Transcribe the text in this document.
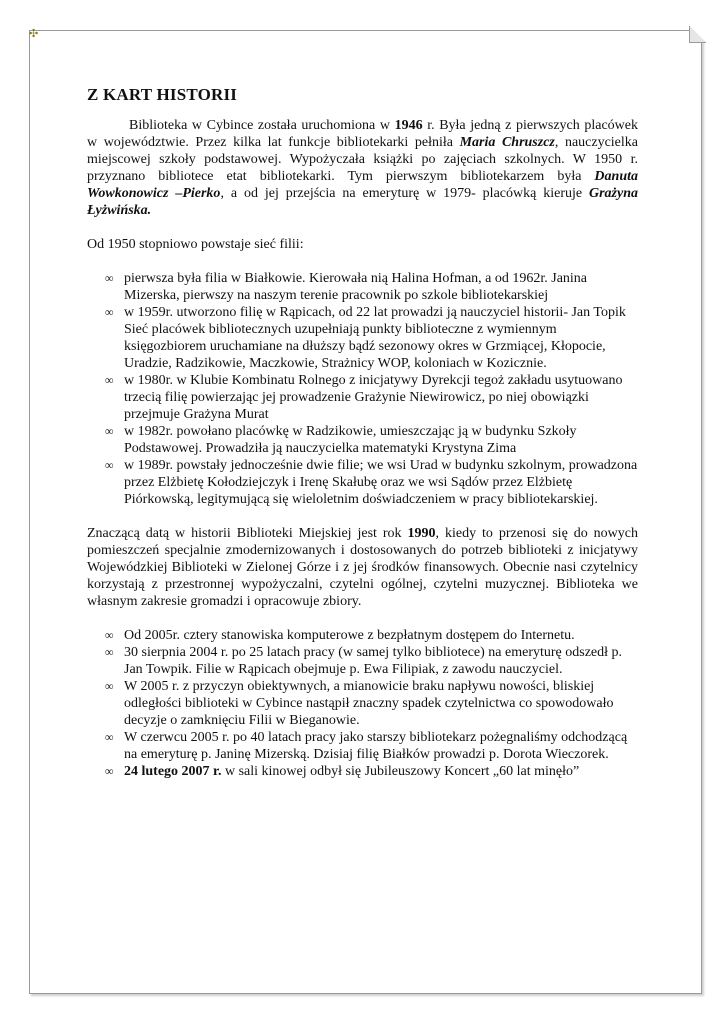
✣
Z KART HISTORII

Biblioteka w Cybince została uruchomiona w 1946 r. Była jedną z pierwszych placówek w województwie. Przez kilka lat funkcje bibliotekarki pełniła Maria Chruszcz, nauczycielka miejscowej szkoły podstawowej. Wypożyczała książki po zajęciach szkolnych. W 1950 r. przyznano bibliotece etat bibliotekarki. Tym pierwszym bibliotekarzem była Danuta Wowkonowicz –Pierko, a od jej przejścia na emeryturę w 1979- placówką kieruje Grażyna Łyżwińska.

Od 1950 stopniowo powstaje sieć filii:

∞ pierwsza była filia w Białkowie. Kierowała nią Halina Hofman, a od 1962r. Janina Mizerska, pierwszy na naszym terenie pracownik po szkole bibliotekarskiej
∞ w 1959r. utworzono filię w Rąpicach, od 22 lat prowadzi ją nauczyciel historii- Jan Topik
Sieć placówek bibliotecznych uzupełniają punkty biblioteczne z wymiennym księgozbiorem uruchamiane na dłuższy bądź sezonowy okres w Grzmiącej, Kłopocie, Uradzie, Radzikowie, Maczkowie, Strażnicy WOP, koloniach w Kozicznie.
∞ w 1980r. w Klubie Kombinatu Rolnego z inicjatywy Dyrekcji tegoż zakładu usytuowano trzecią filię powierzając jej prowadzenie Grażynie Niewirowicz, po niej obowiązki przejmuje Grażyna Murat
∞ w 1982r. powołano placówkę w Radzikowie, umieszczając ją w budynku Szkoły Podstawowej. Prowadziła ją nauczycielka matematyki Krystyna Zima
∞ w 1989r. powstały jednocześnie dwie filie; we wsi Urad w budynku szkolnym, prowadzona przez Elżbietę Kołodziejczyk i Irenę Skałubę oraz we wsi Sądów przez Elżbietę Piórkowską, legitymującą się wieloletnim doświadczeniem w pracy bibliotekarskiej.

Znaczącą datą w historii Biblioteki Miejskiej jest rok 1990, kiedy to przenosi się do nowych pomieszczeń specjalnie zmodernizowanych i dostosowanych do potrzeb biblioteki z inicjatywy Wojewódzkiej Biblioteki w Zielonej Górze i z jej środków finansowych. Obecnie nasi czytelnicy korzystają z przestronnej wypożyczalni, czytelni ogólnej, czytelni muzycznej. Biblioteka we własnym zakresie gromadzi i opracowuje zbiory.

∞ Od 2005r. cztery stanowiska komputerowe z bezpłatnym dostępem do Internetu.
∞ 30 sierpnia 2004 r. po 25 latach pracy (w samej tylko bibliotece) na emeryturę odszedł p. Jan Towpik. Filie w Rąpicach obejmuje p. Ewa Filipiak, z zawodu nauczyciel.
∞ W 2005 r. z przyczyn obiektywnych, a mianowicie braku napływu nowości, bliskiej odległości biblioteki w Cybince nastąpił znaczny spadek czytelnictwa co spowodowało decyzje o zamknięciu Filii w Bieganowie.
∞ W czerwcu 2005 r. po 40 latach pracy jako starszy bibliotekarz pożegnaliśmy odchodzącą na emeryturę p. Janinę Mizerską. Dzisiaj filię Białków prowadzi p. Dorota Wieczorek.
∞ 24 lutego 2007 r. w sali kinowej odbył się Jubileuszowy Koncert „60 lat minęło”
